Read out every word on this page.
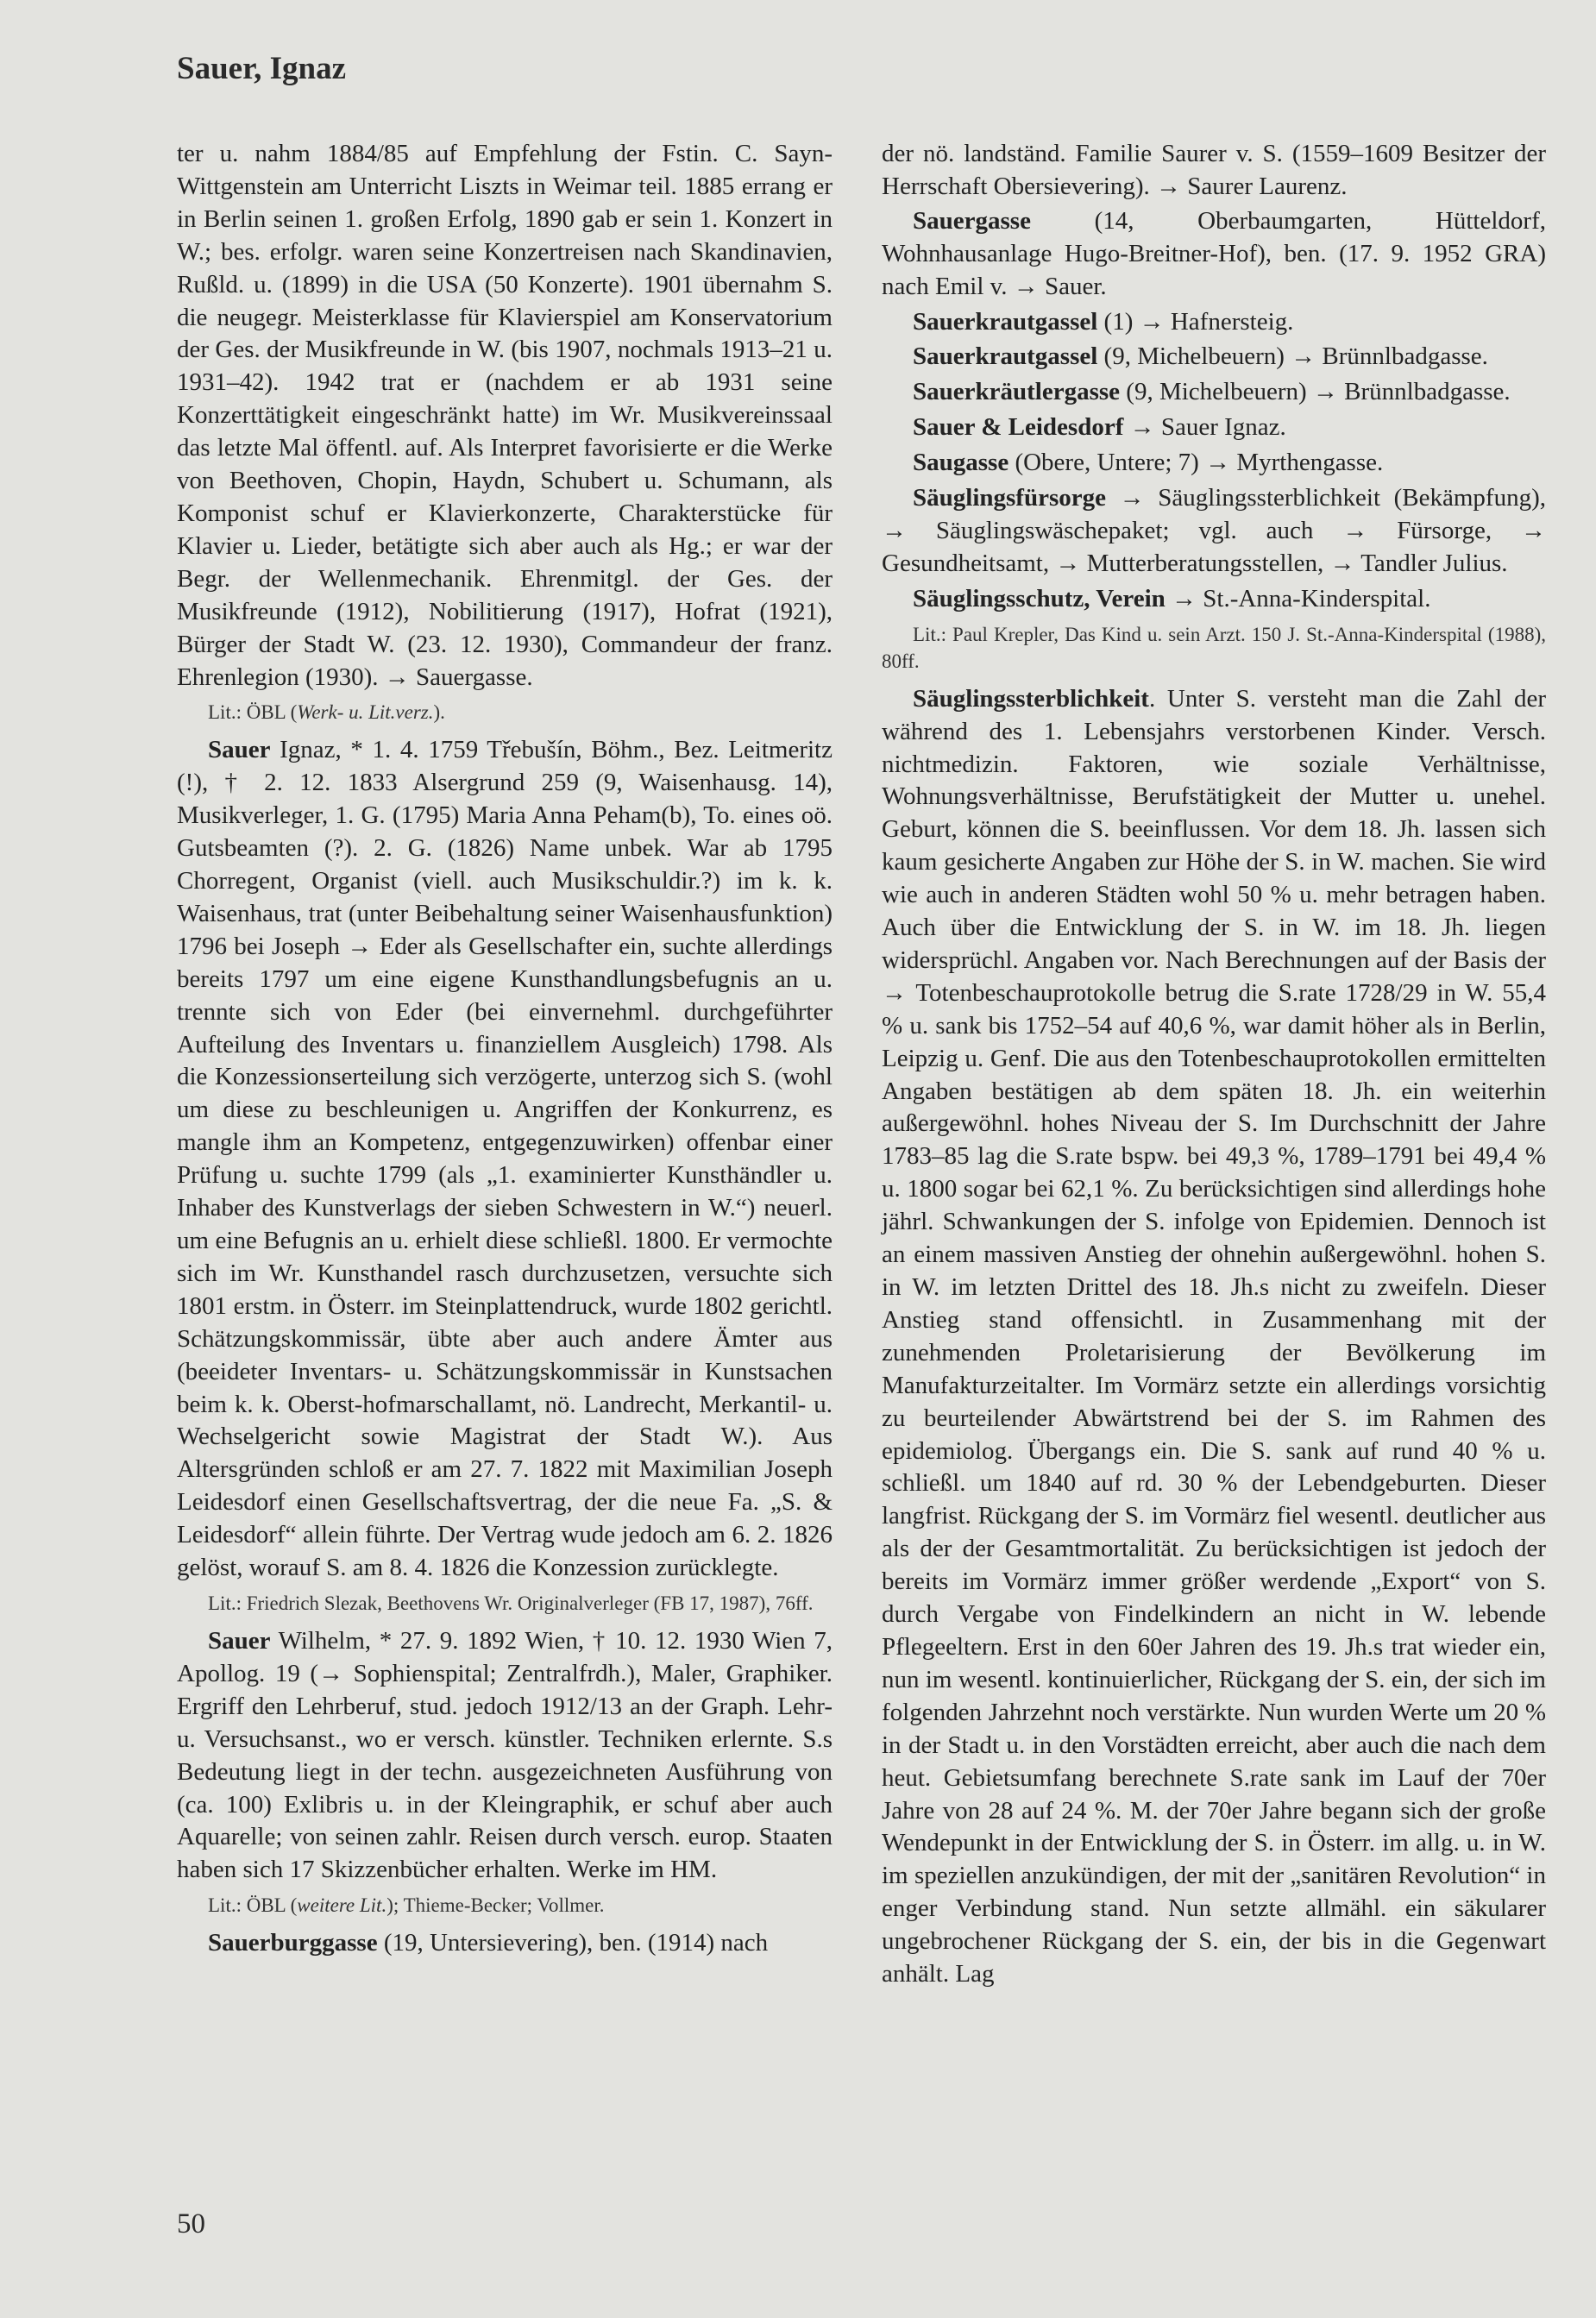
Sauer, Ignaz

ter u. nahm 1884/85 auf Empfehlung der Fstin. C. Sayn-Wittgenstein am Unterricht Liszts in Weimar teil. 1885 errang er in Berlin seinen 1. großen Erfolg, 1890 gab er sein 1. Konzert in W.; bes. erfolgr. waren seine Konzertreisen nach Skandinavien, Rußld. u. (1899) in die USA (50 Konzerte). 1901 übernahm S. die neugegr. Meisterklasse für Klavierspiel am Konservatorium der Ges. der Musikfreunde in W. (bis 1907, nochmals 1913–21 u. 1931–42). 1942 trat er (nachdem er ab 1931 seine Konzerttätigkeit eingeschränkt hatte) im Wr. Musikvereinssaal das letzte Mal öffentl. auf. Als Interpret favorisierte er die Werke von Beethoven, Chopin, Haydn, Schubert u. Schumann, als Komponist schuf er Klavierkonzerte, Charakterstücke für Klavier u. Lieder, betätigte sich aber auch als Hg.; er war der Begr. der Wellenmechanik. Ehrenmitgl. der Ges. der Musikfreunde (1912), Nobilitierung (1917), Hofrat (1921), Bürger der Stadt W. (23. 12. 1930), Commandeur der franz. Ehrenlegion (1930). → Sauergasse.

Lit.: ÖBL (Werk- u. Lit.verz.).

Sauer Ignaz, * 1. 4. 1759 Třebušín, Böhm., Bez. Leitmeritz (!), † 2. 12. 1833 Alsergrund 259 (9, Waisenhausg. 14), Musikverleger, 1. G. (1795) Maria Anna Peham(b), To. eines oö. Gutsbeamten (?). 2. G. (1826) Name unbek. War ab 1795 Chorregent, Organist (viell. auch Musikschuldir.?) im k. k. Waisenhaus, trat (unter Beibehaltung seiner Waisenhausfunktion) 1796 bei Joseph → Eder als Gesellschafter ein, suchte allerdings bereits 1797 um eine eigene Kunsthandlungsbefugnis an u. trennte sich von Eder (bei einvernehml. durchgeführter Aufteilung des Inventars u. finanziellem Ausgleich) 1798. Als die Konzessionserteilung sich verzögerte, unterzog sich S. (wohl um diese zu beschleunigen u. Angriffen der Konkurrenz, es mangle ihm an Kompetenz, entgegenzuwirken) offenbar einer Prüfung u. suchte 1799 (als „1. examinierter Kunsthändler u. Inhaber des Kunstverlags der sieben Schwestern in W.“) neuerl. um eine Befugnis an u. erhielt diese schließl. 1800. Er vermochte sich im Wr. Kunsthandel rasch durchzusetzen, versuchte sich 1801 erstm. in Österr. im Steinplattendruck, wurde 1802 gerichtl. Schätzungskommissär, übte aber auch andere Ämter aus (beeideter Inventars- u. Schätzungskommissär in Kunstsachen beim k. k. Oberst-hofmarschallamt, nö. Landrecht, Merkantil- u. Wechselgericht sowie Magistrat der Stadt W.). Aus Altersgründen schloß er am 27. 7. 1822 mit Maximilian Joseph Leidesdorf einen Gesellschaftsvertrag, der die neue Fa. „S. & Leidesdorf“ allein führte. Der Vertrag wude jedoch am 6. 2. 1826 gelöst, worauf S. am 8. 4. 1826 die Konzession zurücklegte.

Lit.: Friedrich Slezak, Beethovens Wr. Originalverleger (FB 17, 1987), 76ff.

Sauer Wilhelm, * 27. 9. 1892 Wien, † 10. 12. 1930 Wien 7, Apollog. 19 (→ Sophienspital; Zentralfrdh.), Maler, Graphiker. Ergriff den Lehrberuf, stud. jedoch 1912/13 an der Graph. Lehr- u. Versuchsanst., wo er versch. künstler. Techniken erlernte. S.s Bedeutung liegt in der techn. ausgezeichneten Ausführung von (ca. 100) Exlibris u. in der Kleingraphik, er schuf aber auch Aquarelle; von seinen zahlr. Reisen durch versch. europ. Staaten haben sich 17 Skizzenbücher erhalten. Werke im HM.

Lit.: ÖBL (weitere Lit.); Thieme-Becker; Vollmer.

Sauerburggasse (19, Untersievering), ben. (1914) nach

der nö. landständ. Familie Saurer v. S. (1559–1609 Besitzer der Herrschaft Obersievering). → Saurer Laurenz.

Sauergasse (14, Oberbaumgarten, Hütteldorf, Wohnhausanlage Hugo-Breitner-Hof), ben. (17. 9. 1952 GRA) nach Emil v. → Sauer.

Sauerkrautgassel (1) → Hafnersteig.

Sauerkrautgassel (9, Michelbeuern) → Brünnlbadgasse.

Sauerkräutlergasse (9, Michelbeuern) → Brünnlbadgasse.

Sauer & Leidesdorf → Sauer Ignaz.

Saugasse (Obere, Untere; 7) → Myrthengasse.

Säuglingsfürsorge → Säuglingssterblichkeit (Bekämpfung), → Säuglingswäschepaket; vgl. auch → Fürsorge, → Gesundheitsamt, → Mutterberatungsstellen, → Tandler Julius.

Säuglingsschutz, Verein → St.-Anna-Kinderspital.

Lit.: Paul Krepler, Das Kind u. sein Arzt. 150 J. St.-Anna-Kinderspital (1988), 80ff.

Säuglingssterblichkeit. Unter S. versteht man die Zahl der während des 1. Lebensjahrs verstorbenen Kinder. Versch. nichtmedizin. Faktoren, wie soziale Verhältnisse, Wohnungsverhältnisse, Berufstätigkeit der Mutter u. unehel. Geburt, können die S. beeinflussen. Vor dem 18. Jh. lassen sich kaum gesicherte Angaben zur Höhe der S. in W. machen. Sie wird wie auch in anderen Städten wohl 50 % u. mehr betragen haben. Auch über die Entwicklung der S. in W. im 18. Jh. liegen widersprüchl. Angaben vor. Nach Berechnungen auf der Basis der → Totenbeschauprotokolle betrug die S.rate 1728/29 in W. 55,4 % u. sank bis 1752–54 auf 40,6 %, war damit höher als in Berlin, Leipzig u. Genf. Die aus den Totenbeschauprotokollen ermittelten Angaben bestätigen ab dem späten 18. Jh. ein weiterhin außergewöhnl. hohes Niveau der S. Im Durchschnitt der Jahre 1783–85 lag die S.rate bspw. bei 49,3 %, 1789–1791 bei 49,4 % u. 1800 sogar bei 62,1 %. Zu berücksichtigen sind allerdings hohe jährl. Schwankungen der S. infolge von Epidemien. Dennoch ist an einem massiven Anstieg der ohnehin außergewöhnl. hohen S. in W. im letzten Drittel des 18. Jh.s nicht zu zweifeln. Dieser Anstieg stand offensichtl. in Zusammenhang mit der zunehmenden Proletarisierung der Bevölkerung im Manufakturzeitalter. Im Vormärz setzte ein allerdings vorsichtig zu beurteilender Abwärtstrend bei der S. im Rahmen des epidemiolog. Übergangs ein. Die S. sank auf rund 40 % u. schließl. um 1840 auf rd. 30 % der Lebendgeburten. Dieser langfrist. Rückgang der S. im Vormärz fiel wesentl. deutlicher aus als der der Gesamtmortalität. Zu berücksichtigen ist jedoch der bereits im Vormärz immer größer werdende „Export“ von S. durch Vergabe von Findelkindern an nicht in W. lebende Pflegeeltern. Erst in den 60er Jahren des 19. Jh.s trat wieder ein, nun im wesentl. kontinuierlicher, Rückgang der S. ein, der sich im folgenden Jahrzehnt noch verstärkte. Nun wurden Werte um 20 % in der Stadt u. in den Vorstädten erreicht, aber auch die nach dem heut. Gebietsumfang berechnete S.rate sank im Lauf der 70er Jahre von 28 auf 24 %. M. der 70er Jahre begann sich der große Wendepunkt in der Entwicklung der S. in Österr. im allg. u. in W. im speziellen anzukündigen, der mit der „sanitären Revolution“ in enger Verbindung stand. Nun setzte allmähl. ein säkularer ungebrochener Rückgang der S. ein, der bis in die Gegenwart anhält. Lag

50
